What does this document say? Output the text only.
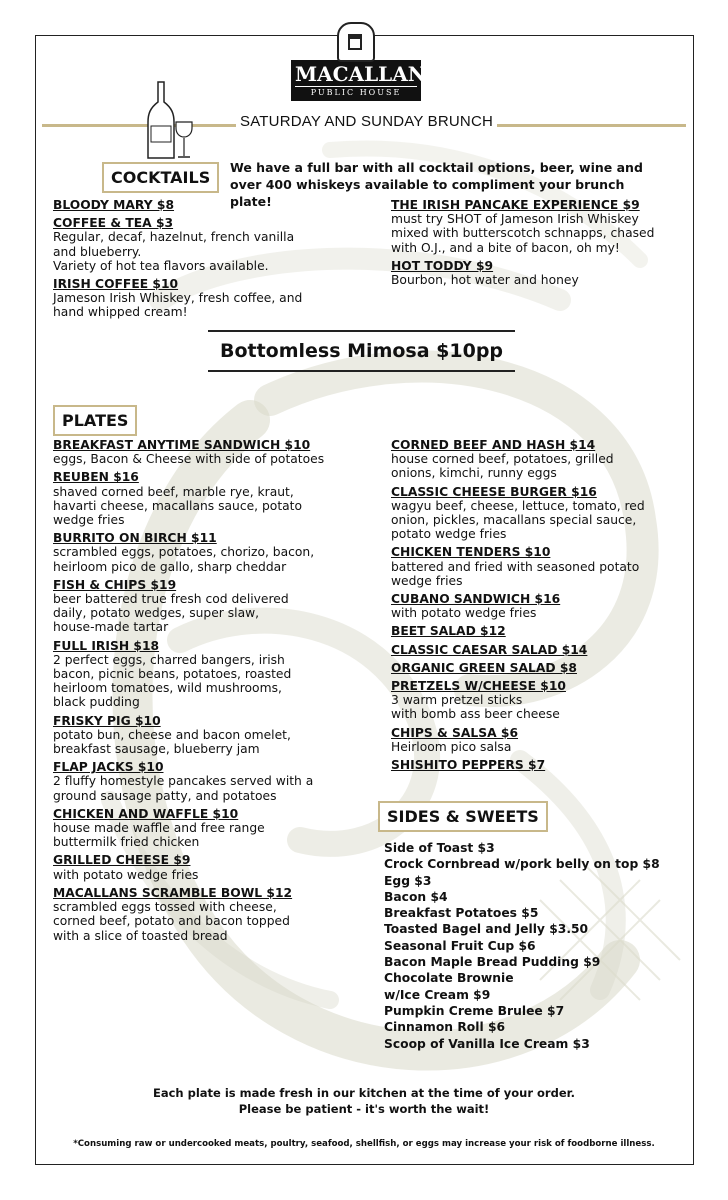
MACALLANS
PUBLIC HOUSE
SATURDAY AND SUNDAY BRUNCH
COCKTAILS
We have a full bar with all cocktail options, beer, wine and over 400 whiskeys available to compliment your brunch plate!
BLOODY MARY $8
COFFEE & TEA $3
Regular, decaf, hazelnut, french vanilla
and blueberry.
Variety of hot tea flavors available.
IRISH COFFEE $10
Jameson Irish Whiskey, fresh coffee, and
hand whipped cream!
THE IRISH PANCAKE EXPERIENCE $9
must try SHOT of Jameson Irish Whiskey
mixed with butterscotch schnapps, chased
with O.J., and a bite of bacon, oh my!
HOT TODDY $9
Bourbon, hot water and honey
Bottomless Mimosa $10pp
PLATES
BREAKFAST ANYTIME SANDWICH $10
eggs, Bacon & Cheese with side of potatoes
REUBEN $16
shaved corned beef, marble rye, kraut,
havarti cheese, macallans sauce, potato
wedge fries
BURRITO ON BIRCH $11
scrambled eggs, potatoes, chorizo, bacon,
heirloom pico de gallo, sharp cheddar
FISH & CHIPS $19
beer battered true fresh cod delivered
daily, potato wedges, super slaw,
house-made tartar
FULL IRISH $18
2 perfect eggs, charred bangers, irish
bacon, picnic beans, potatoes, roasted
heirloom tomatoes, wild mushrooms,
black pudding
FRISKY PIG $10
potato bun, cheese and bacon omelet,
breakfast sausage, blueberry jam
FLAP JACKS $10
2 fluffy homestyle pancakes served with a
ground sausage patty, and potatoes
CHICKEN AND WAFFLE $10
house made waffle and free range
buttermilk fried chicken
GRILLED CHEESE $9
with potato wedge fries
MACALLANS SCRAMBLE BOWL $12
scrambled eggs tossed with cheese,
corned beef, potato and bacon topped
with a slice of toasted bread
CORNED BEEF AND HASH $14
house corned beef, potatoes, grilled
onions, kimchi, runny eggs
CLASSIC CHEESE BURGER $16
wagyu beef, cheese, lettuce, tomato, red
onion, pickles, macallans special sauce,
potato wedge fries
CHICKEN TENDERS $10
battered and fried with seasoned potato
wedge fries
CUBANO SANDWICH $16
with potato wedge fries
BEET SALAD $12
CLASSIC CAESAR SALAD $14
ORGANIC GREEN SALAD $8
PRETZELS W/CHEESE $10
3 warm pretzel sticks
with bomb ass beer cheese
CHIPS & SALSA $6
Heirloom pico salsa
SHISHITO PEPPERS $7
SIDES & SWEETS
Side of Toast $3
Crock Cornbread w/pork belly on top $8
Egg $3
Bacon $4
Breakfast Potatoes $5
Toasted Bagel and Jelly $3.50
Seasonal Fruit Cup $6
Bacon Maple Bread Pudding $9
Chocolate Brownie
w/Ice Cream $9
Pumpkin Creme Brulee $7
Cinnamon Roll $6
Scoop of Vanilla Ice Cream $3
Each plate is made fresh in our kitchen at the time of your order.
Please be patient - it's worth the wait!
*Consuming raw or undercooked meats, poultry, seafood, shellfish, or eggs may increase your risk of foodborne illness.
